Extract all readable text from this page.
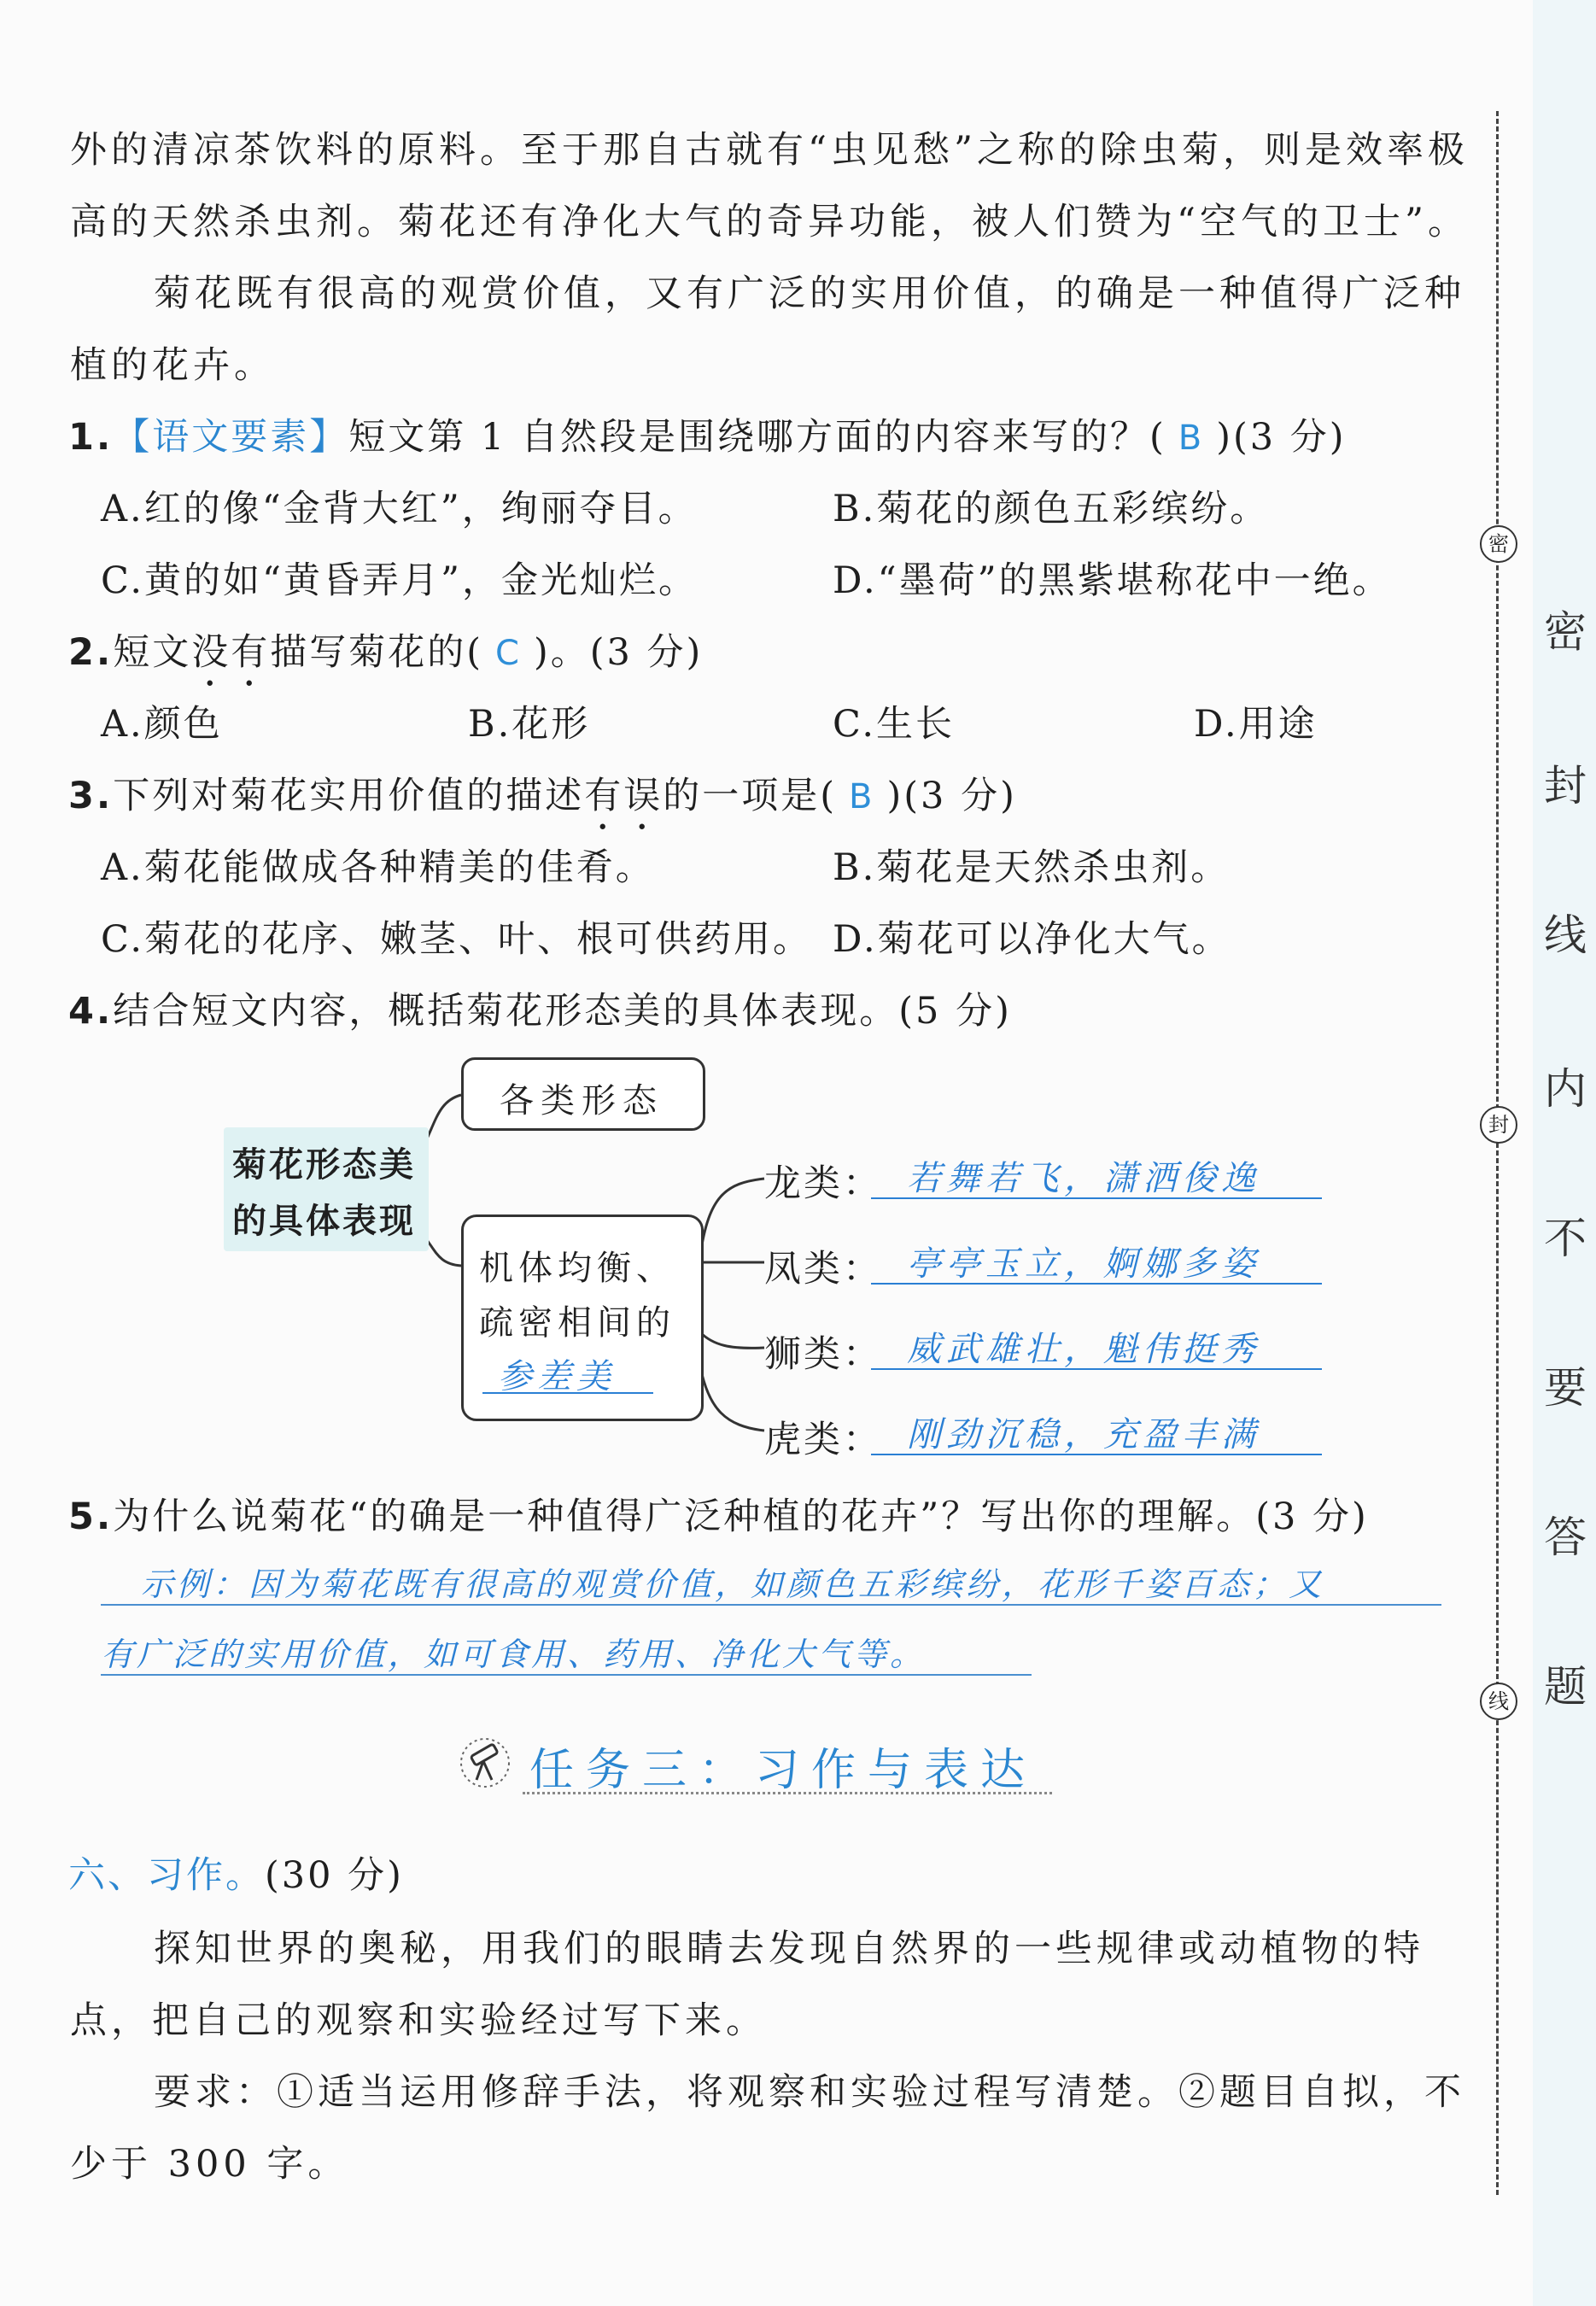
密
封
线
密
封
线
内
不
要
答
题
外的清凉茶饮料的原料。至于那自古就有“虫见愁”之称的除虫菊，则是效率极
高的天然杀虫剂。菊花还有净化大气的奇异功能，被人们赞为“空气的卫士”。
菊花既有很高的观赏价值，又有广泛的实用价值，的确是一种值得广泛种
植的花卉。
1.【语文要素】短文第 1 自然段是围绕哪方面的内容来写的？( B )(3 分)
A.红的像“金背大红”，绚丽夺目。	B.菊花的颜色五彩缤纷。
C.黄的如“黄昏弄月”，金光灿烂。	D.“墨荷”的黑紫堪称花中一绝。
2.短文没有描写菊花的( C )。(3 分)
A.颜色	B.花形	C.生长	D.用途
3.下列对菊花实用价值的描述有误的一项是( B )(3 分)
A.菊花能做成各种精美的佳肴。	B.菊花是天然杀虫剂。
C.菊花的花序、嫩茎、叶、根可供药用。 D.菊花可以净化大气。
4.结合短文内容，概括菊花形态美的具体表现。(5 分)
菊花形态美
的具体表现
各类形态
机体均衡、
疏密相间的
参差美
龙类： 若舞若飞，潇洒俊逸
凤类： 亭亭玉立，婀娜多姿
狮类： 威武雄壮，魁伟挺秀
虎类： 刚劲沉稳，充盈丰满
5.为什么说菊花“的确是一种值得广泛种植的花卉”？写出你的理解。(3 分)
示例：因为菊花既有很高的观赏价值，如颜色五彩缤纷，花形千姿百态；又
有广泛的实用价值，如可食用、药用、净化大气等。
任务三：习作与表达
六、习作。(30 分)
探知世界的奥秘，用我们的眼睛去发现自然界的一些规律或动植物的特
点，把自己的观察和实验经过写下来。
要求：①适当运用修辞手法，将观察和实验过程写清楚。②题目自拟，不
少于 300 字。
